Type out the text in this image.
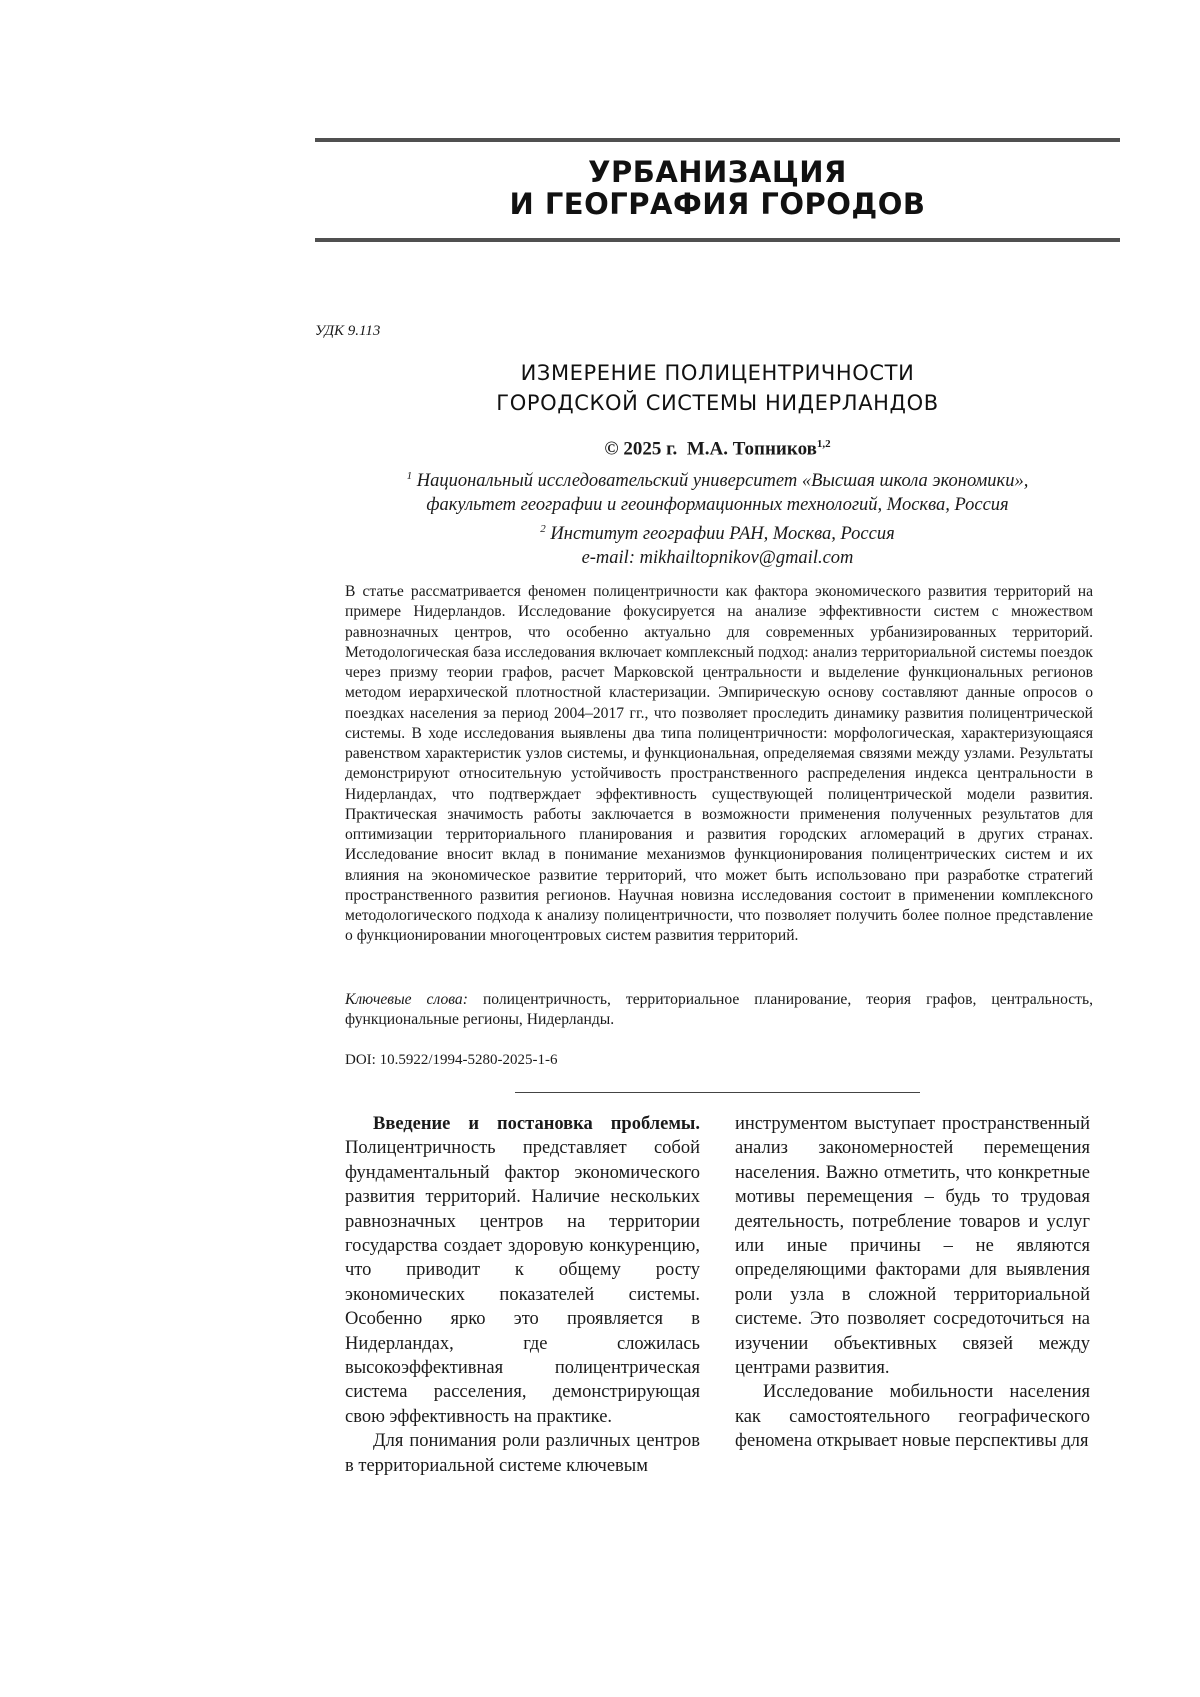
УРБАНИЗАЦИЯ
И ГЕОГРАФИЯ ГОРОДОВ
УДК 9.113
ИЗМЕРЕНИЕ ПОЛИЦЕНТРИЧНОСТИ
ГОРОДСКОЙ СИСТЕМЫ НИДЕРЛАНДОВ
© 2025 г. М.А. Топников$^{1,2}$
$^1$ Национальный исследовательский университет «Высшая школа экономики»,
факультет географии и геоинформационных технологий, Москва, Россия
$^2$ Институт географии РАН, Москва, Россия
e-mail: mikhailtopnikov@gmail.com
В статье рассматривается феномен полицентричности как фактора экономического развития территорий на примере Нидерландов. Исследование фокусируется на анализе эффективности систем с множеством равнозначных центров, что особенно актуально для современных урбанизированных территорий. Методологическая база исследования включает комплексный подход: анализ территориальной системы поездок через призму теории графов, расчет Марковской центральности и выделение функциональных регионов методом иерархической плотностной кластеризации. Эмпирическую основу составляют данные опросов о поездках населения за период 2004–2017 гг., что позволяет проследить динамику развития полицентрической системы. В ходе исследования выявлены два типа полицентричности: морфологическая, характеризующаяся равенством характеристик узлов системы, и функциональная, определяемая связями между узлами. Результаты демонстрируют относительную устойчивость пространственного распределения индекса центральности в Нидерландах, что подтверждает эффективность существующей полицентрической модели развития. Практическая значимость работы заключается в возможности применения полученных результатов для оптимизации территориального планирования и развития городских агломераций в других странах. Исследование вносит вклад в понимание механизмов функционирования полицентрических систем и их влияния на экономическое развитие территорий, что может быть использовано при разработке стратегий пространственного развития регионов. Научная новизна исследования состоит в применении комплексного методологического подхода к анализу полицентричности, что позволяет получить более полное представление о функционировании многоцентровых систем развития территорий.
Ключевые слова: полицентричность, территориальное планирование, теория графов, центральность, функциональные регионы, Нидерланды.
DOI: 10.5922/1994-5280-2025-1-6

Введение и постановка проблемы. Полицентричность представляет собой фундаментальный фактор экономического развития территорий. Наличие нескольких равнозначных центров на территории государства создает здоровую конкуренцию, что приводит к общему росту экономических показателей системы. Особенно ярко это проявляется в Нидерландах, где сложилась высокоэффективная полицентрическая система расселения, демонстрирующая свою эффективность на практике.

Для понимания роли различных центров в территориальной системе ключевым

инструментом выступает пространственный анализ закономерностей перемещения населения. Важно отметить, что конкретные мотивы перемещения – будь то трудовая деятельность, потребление товаров и услуг или иные причины – не являются определяющими факторами для выявления роли узла в сложной территориальной системе. Это позволяет сосредоточиться на изучении объективных связей между центрами развития.

Исследование мобильности населения как самостоятельного географического феномена открывает новые перспективы для
